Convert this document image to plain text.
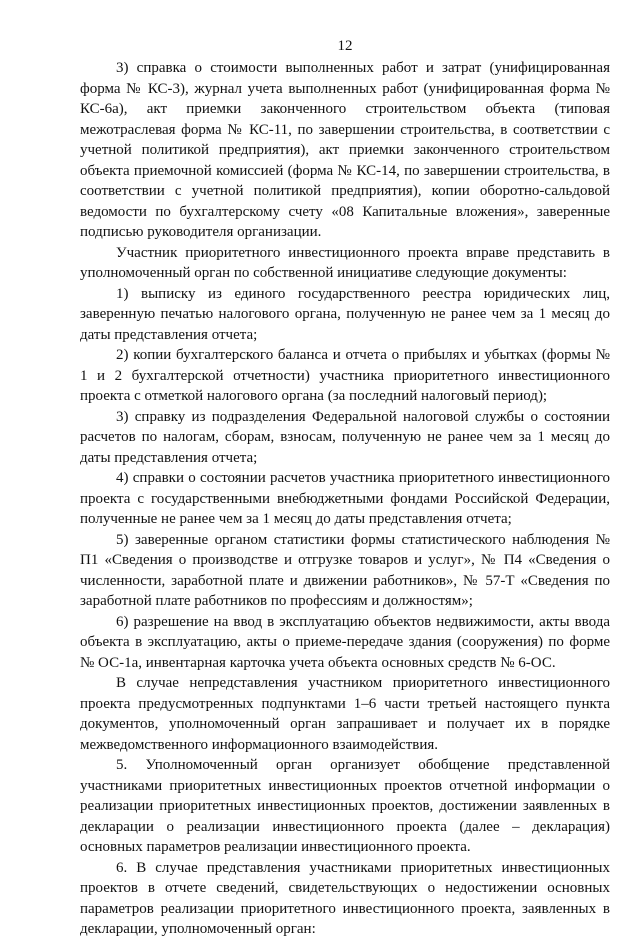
12

3) справка о стоимости выполненных работ и затрат (унифицированная форма № КС-3), журнал учета выполненных работ (унифицированная форма № КС-6а), акт приемки законченного строительством объекта (типовая межотраслевая форма № КС-11, по завершении строительства, в соответствии с учетной политикой предприятия), акт приемки законченного строительством объекта приемочной комиссией (форма № КС-14, по завершении строительства, в соответствии с учетной политикой предприятия), копии оборотно-сальдовой ведомости по бухгалтерскому счету «08 Капитальные вложения», заверенные подписью руководителя организации.

Участник приоритетного инвестиционного проекта вправе представить в уполномоченный орган по собственной инициативе следующие документы:

1) выписку из единого государственного реестра юридических лиц, заверенную печатью налогового органа, полученную не ранее чем за 1 месяц до даты представления отчета;

2) копии бухгалтерского баланса и отчета о прибылях и убытках (формы № 1 и 2 бухгалтерской отчетности) участника приоритетного инвестиционного проекта с отметкой налогового органа (за последний налоговый период);

3) справку из подразделения Федеральной налоговой службы о состоянии расчетов по налогам, сборам, взносам, полученную не ранее чем за 1 месяц до даты представления отчета;

4) справки о состоянии расчетов участника приоритетного инвестиционного проекта с государственными внебюджетными фондами Российской Федерации, полученные не ранее чем за 1 месяц до даты представления отчета;

5) заверенные органом статистики формы статистического наблюдения № П1 «Сведения о производстве и отгрузке товаров и услуг», № П4 «Сведения о численности, заработной плате и движении работников», № 57-Т «Сведения по заработной плате работников по профессиям и должностям»;

6) разрешение на ввод в эксплуатацию объектов недвижимости, акты ввода объекта в эксплуатацию, акты о приеме-передаче здания (сооружения) по форме № ОС-1а, инвентарная карточка учета объекта основных средств № 6-ОС.

В случае непредставления участником приоритетного инвестиционного проекта предусмотренных подпунктами 1–6 части третьей настоящего пункта документов, уполномоченный орган запрашивает и получает их в порядке межведомственного информационного взаимодействия.

5. Уполномоченный орган организует обобщение представленной участниками приоритетных инвестиционных проектов отчетной информации о реализации приоритетных инвестиционных проектов, достижении заявленных в декларации о реализации инвестиционного проекта (далее – декларация) основных параметров реализации инвестиционного проекта.

6. В случае представления участниками приоритетных инвестиционных проектов в отчете сведений, свидетельствующих о недостижении основных параметров реализации приоритетного инвестиционного проекта, заявленных в декларации, уполномоченный орган:
